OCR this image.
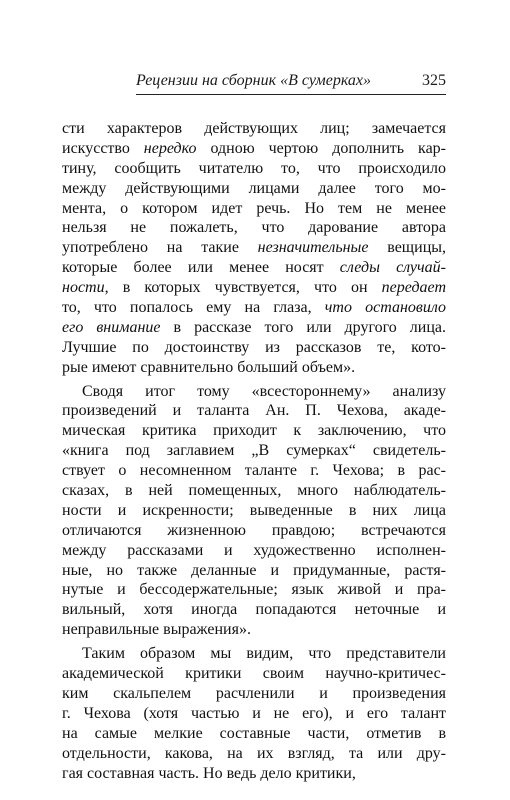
Рецензии на сборник «В сумерках»	325
сти характеров действующих лиц; замечается
искусство нередко одною чертою дополнить кар-
тину, сообщить читателю то, что происходило
между действующими лицами далее того мо-
мента, о котором идет речь. Но тем не менее
нельзя не пожалеть, что дарование автора
употреблено на такие незначительные вещицы,
которые более или менее носят следы случай-
ности, в которых чувствуется, что он передает
то, что попалось ему на глаза, что остановило
его внимание в рассказе того или другого лица.
Лучшие по достоинству из рассказов те, кото-
рые имеют сравнительно больший объем».
Сводя итог тому «всестороннему» анализу
произведений и таланта Ан. П. Чехова, акаде-
мическая критика приходит к заключению, что
«книга под заглавием „В сумерках“ свидетель-
ствует о несомненном таланте г. Чехова; в рас-
сказах, в ней помещенных, много наблюдатель-
ности и искренности; выведенные в них лица
отличаются жизненною правдою; встречаются
между рассказами и художественно исполнен-
ные, но также деланные и придуманные, растя-
нутые и бессодержательные; язык живой и пра-
вильный, хотя иногда попадаются неточные и
неправильные выражения».
Таким образом мы видим, что представители
академической критики своим научно-критичес-
ким скальпелем расчленили и произведения
г. Чехова (хотя частью и не его), и его талант
на самые мелкие составные части, отметив в
отдельности, какова, на их взгляд, та или дру-
гая составная часть. Но ведь дело критики,
